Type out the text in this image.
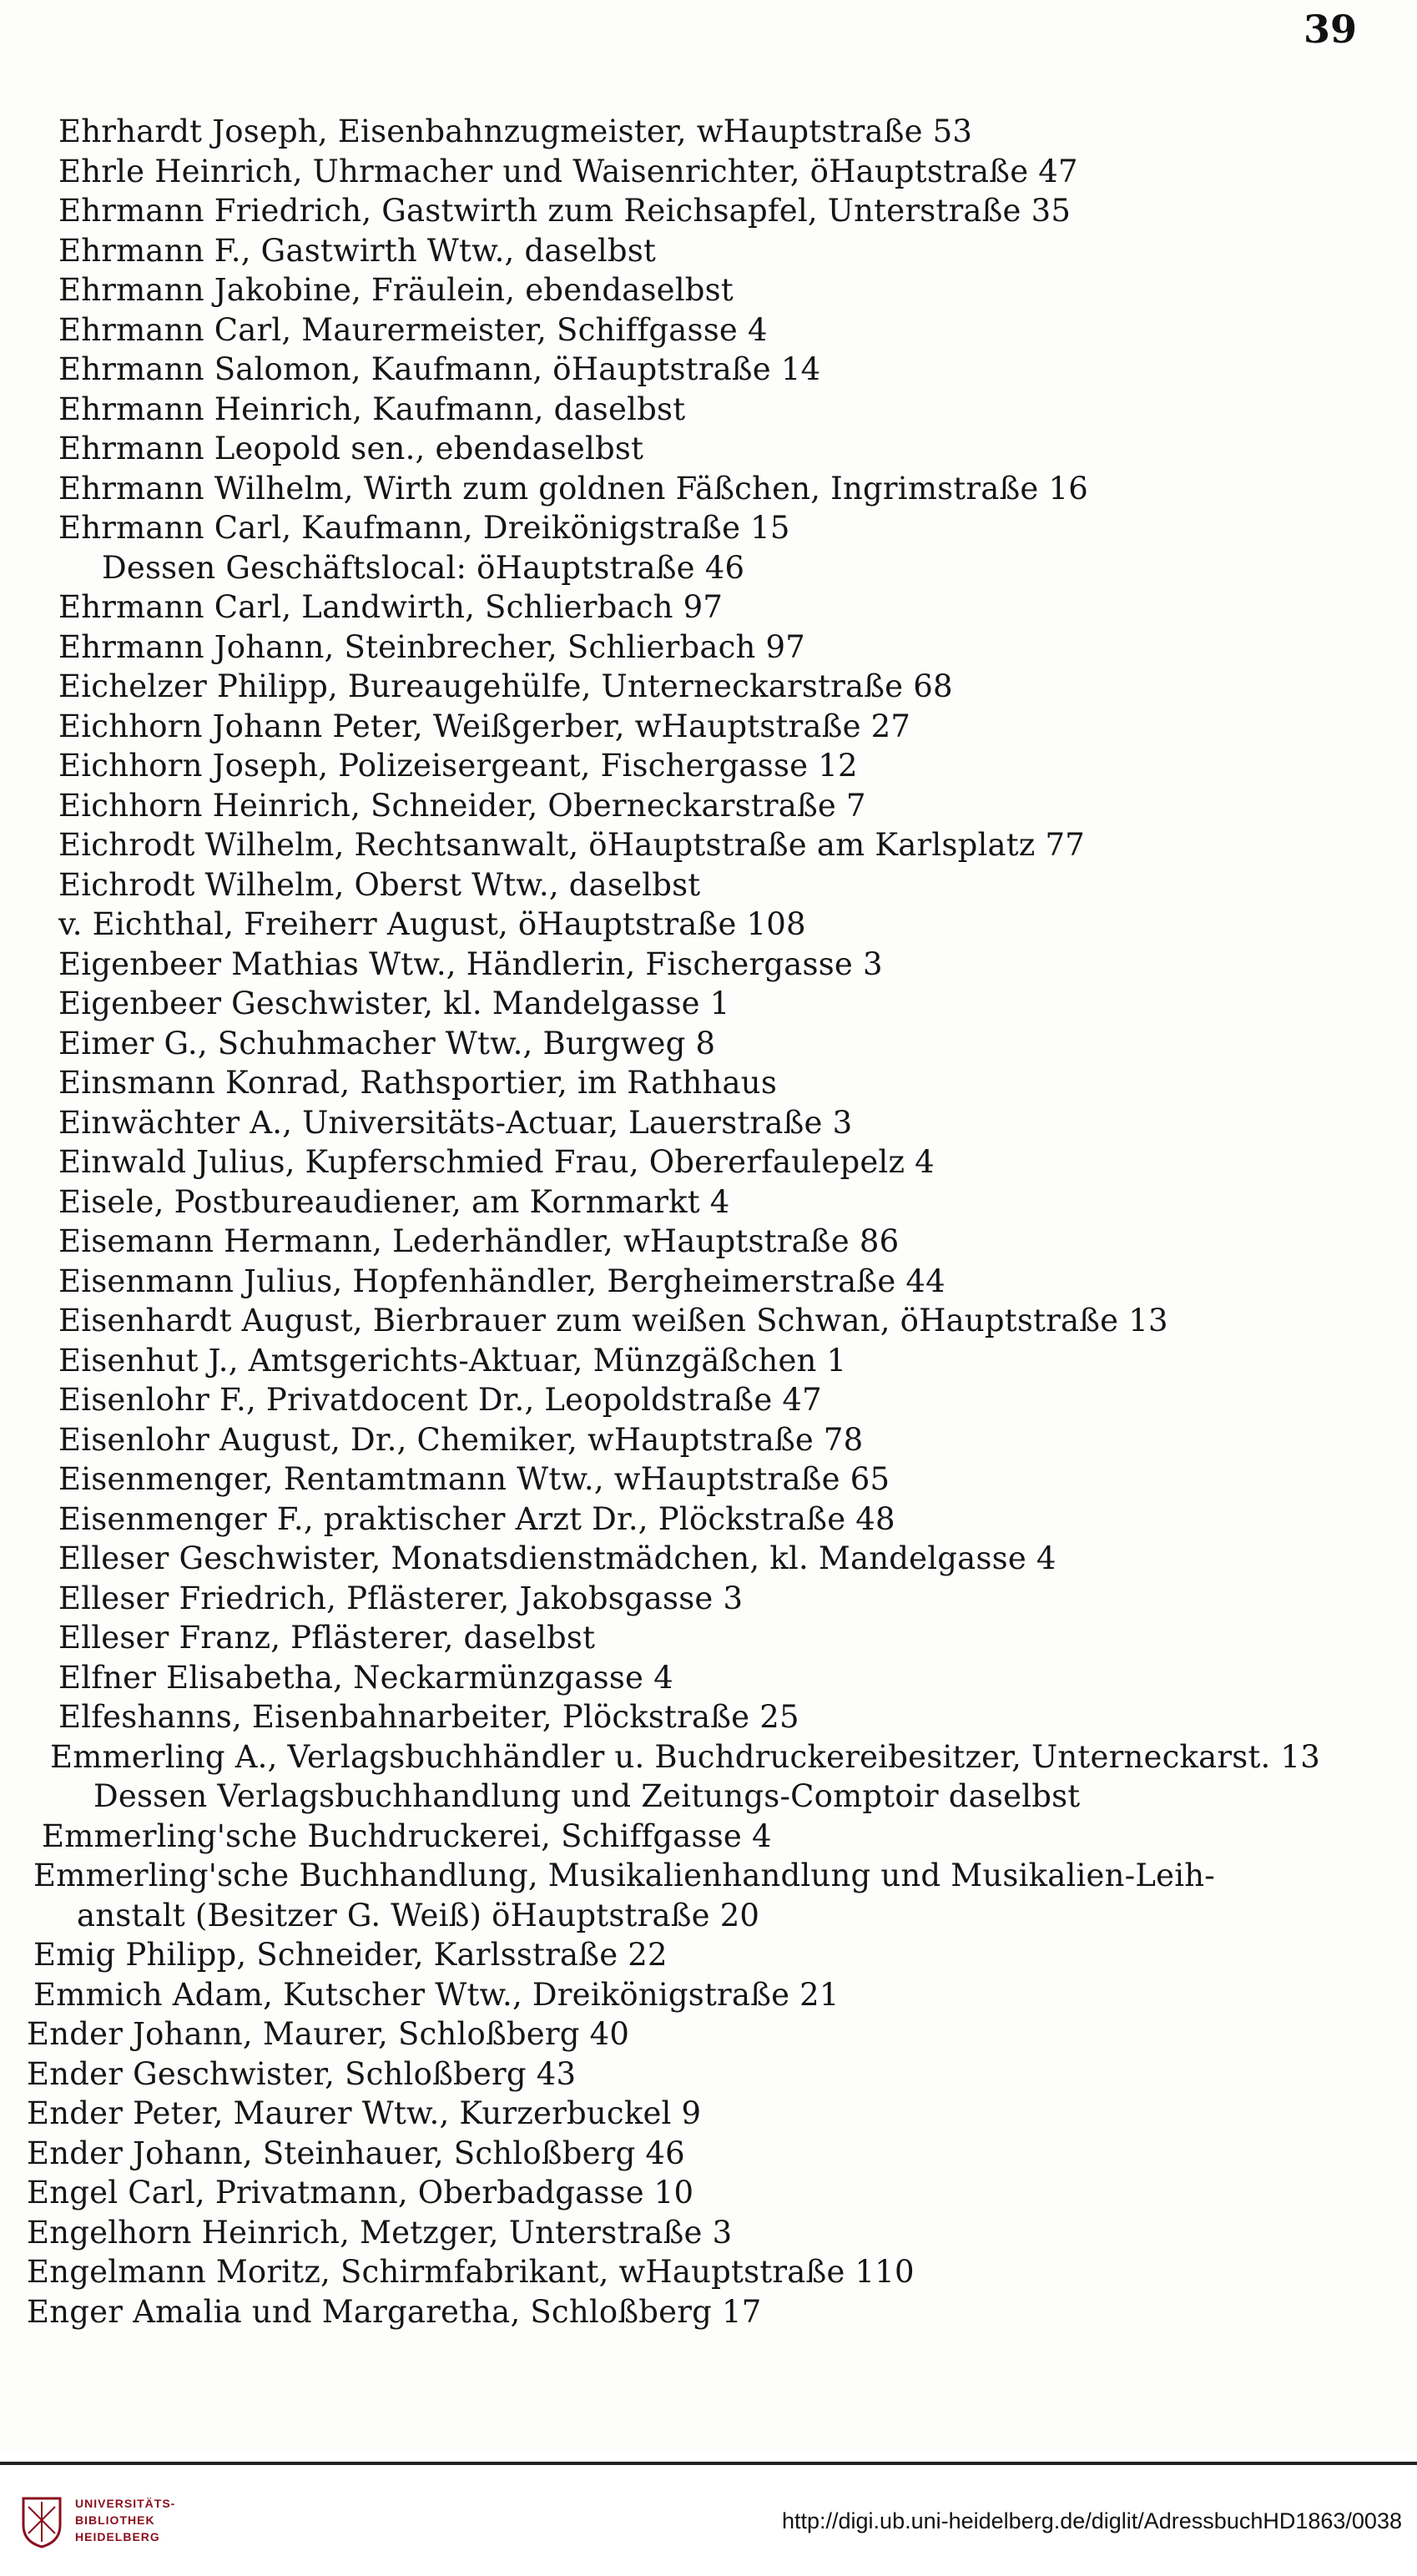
39
Ehrhardt Joseph, Eisenbahnzugmeister, wHauptstraße 53
Ehrle Heinrich, Uhrmacher und Waisenrichter, öHauptstraße 47
Ehrmann Friedrich, Gastwirth zum Reichsapfel, Unterstraße 35
Ehrmann F., Gastwirth Wtw., daselbst
Ehrmann Jakobine, Fräulein, ebendaselbst
Ehrmann Carl, Maurermeister, Schiffgasse 4
Ehrmann Salomon, Kaufmann, öHauptstraße 14
Ehrmann Heinrich, Kaufmann, daselbst
Ehrmann Leopold sen., ebendaselbst
Ehrmann Wilhelm, Wirth zum goldnen Fäßchen, Ingrimstraße 16
Ehrmann Carl, Kaufmann, Dreikönigstraße 15
Dessen Geschäftslocal: öHauptstraße 46
Ehrmann Carl, Landwirth, Schlierbach 97
Ehrmann Johann, Steinbrecher, Schlierbach 97
Eichelzer Philipp, Bureaugehülfe, Unterneckarstraße 68
Eichhorn Johann Peter, Weißgerber, wHauptstraße 27
Eichhorn Joseph, Polizeisergeant, Fischergasse 12
Eichhorn Heinrich, Schneider, Oberneckarstraße 7
Eichrodt Wilhelm, Rechtsanwalt, öHauptstraße am Karlsplatz 77
Eichrodt Wilhelm, Oberst Wtw., daselbst
v. Eichthal, Freiherr August, öHauptstraße 108
Eigenbeer Mathias Wtw., Händlerin, Fischergasse 3
Eigenbeer Geschwister, kl. Mandelgasse 1
Eimer G., Schuhmacher Wtw., Burgweg 8
Einsmann Konrad, Rathsportier, im Rathhaus
Einwächter A., Universitäts-Actuar, Lauerstraße 3
Einwald Julius, Kupferschmied Frau, Obererfaulepelz 4
Eisele, Postbureaudiener, am Kornmarkt 4
Eisemann Hermann, Lederhändler, wHauptstraße 86
Eisenmann Julius, Hopfenhändler, Bergheimerstraße 44
Eisenhardt August, Bierbrauer zum weißen Schwan, öHauptstraße 13
Eisenhut J., Amtsgerichts-Aktuar, Münzgäßchen 1
Eisenlohr F., Privatdocent Dr., Leopoldstraße 47
Eisenlohr August, Dr., Chemiker, wHauptstraße 78
Eisenmenger, Rentamtmann Wtw., wHauptstraße 65
Eisenmenger F., praktischer Arzt Dr., Plöckstraße 48
Elleser Geschwister, Monatsdienstmädchen, kl. Mandelgasse 4
Elleser Friedrich, Pflästerer, Jakobsgasse 3
Elleser Franz, Pflästerer, daselbst
Elfner Elisabetha, Neckarmünzgasse 4
Elfeshanns, Eisenbahnarbeiter, Plöckstraße 25
Emmerling A., Verlagsbuchhändler u. Buchdruckereibesitzer, Unterneckarst. 13
Dessen Verlagsbuchhandlung und Zeitungs-Comptoir daselbst
Emmerling'sche Buchdruckerei, Schiffgasse 4
Emmerling'sche Buchhandlung, Musikalienhandlung und Musikalien-Leih-
anstalt (Besitzer G. Weiß) öHauptstraße 20
Emig Philipp, Schneider, Karlsstraße 22
Emmich Adam, Kutscher Wtw., Dreikönigstraße 21
Ender Johann, Maurer, Schloßberg 40
Ender Geschwister, Schloßberg 43
Ender Peter, Maurer Wtw., Kurzerbuckel 9
Ender Johann, Steinhauer, Schloßberg 46
Engel Carl, Privatmann, Oberbadgasse 10
Engelhorn Heinrich, Metzger, Unterstraße 3
Engelmann Moritz, Schirmfabrikant, wHauptstraße 110
Enger Amalia und Margaretha, Schloßberg 17
UNIVERSITÄTS-
BIBLIOTHEK
HEIDELBERG
http://digi.ub.uni-heidelberg.de/diglit/AdressbuchHD1863/0038
